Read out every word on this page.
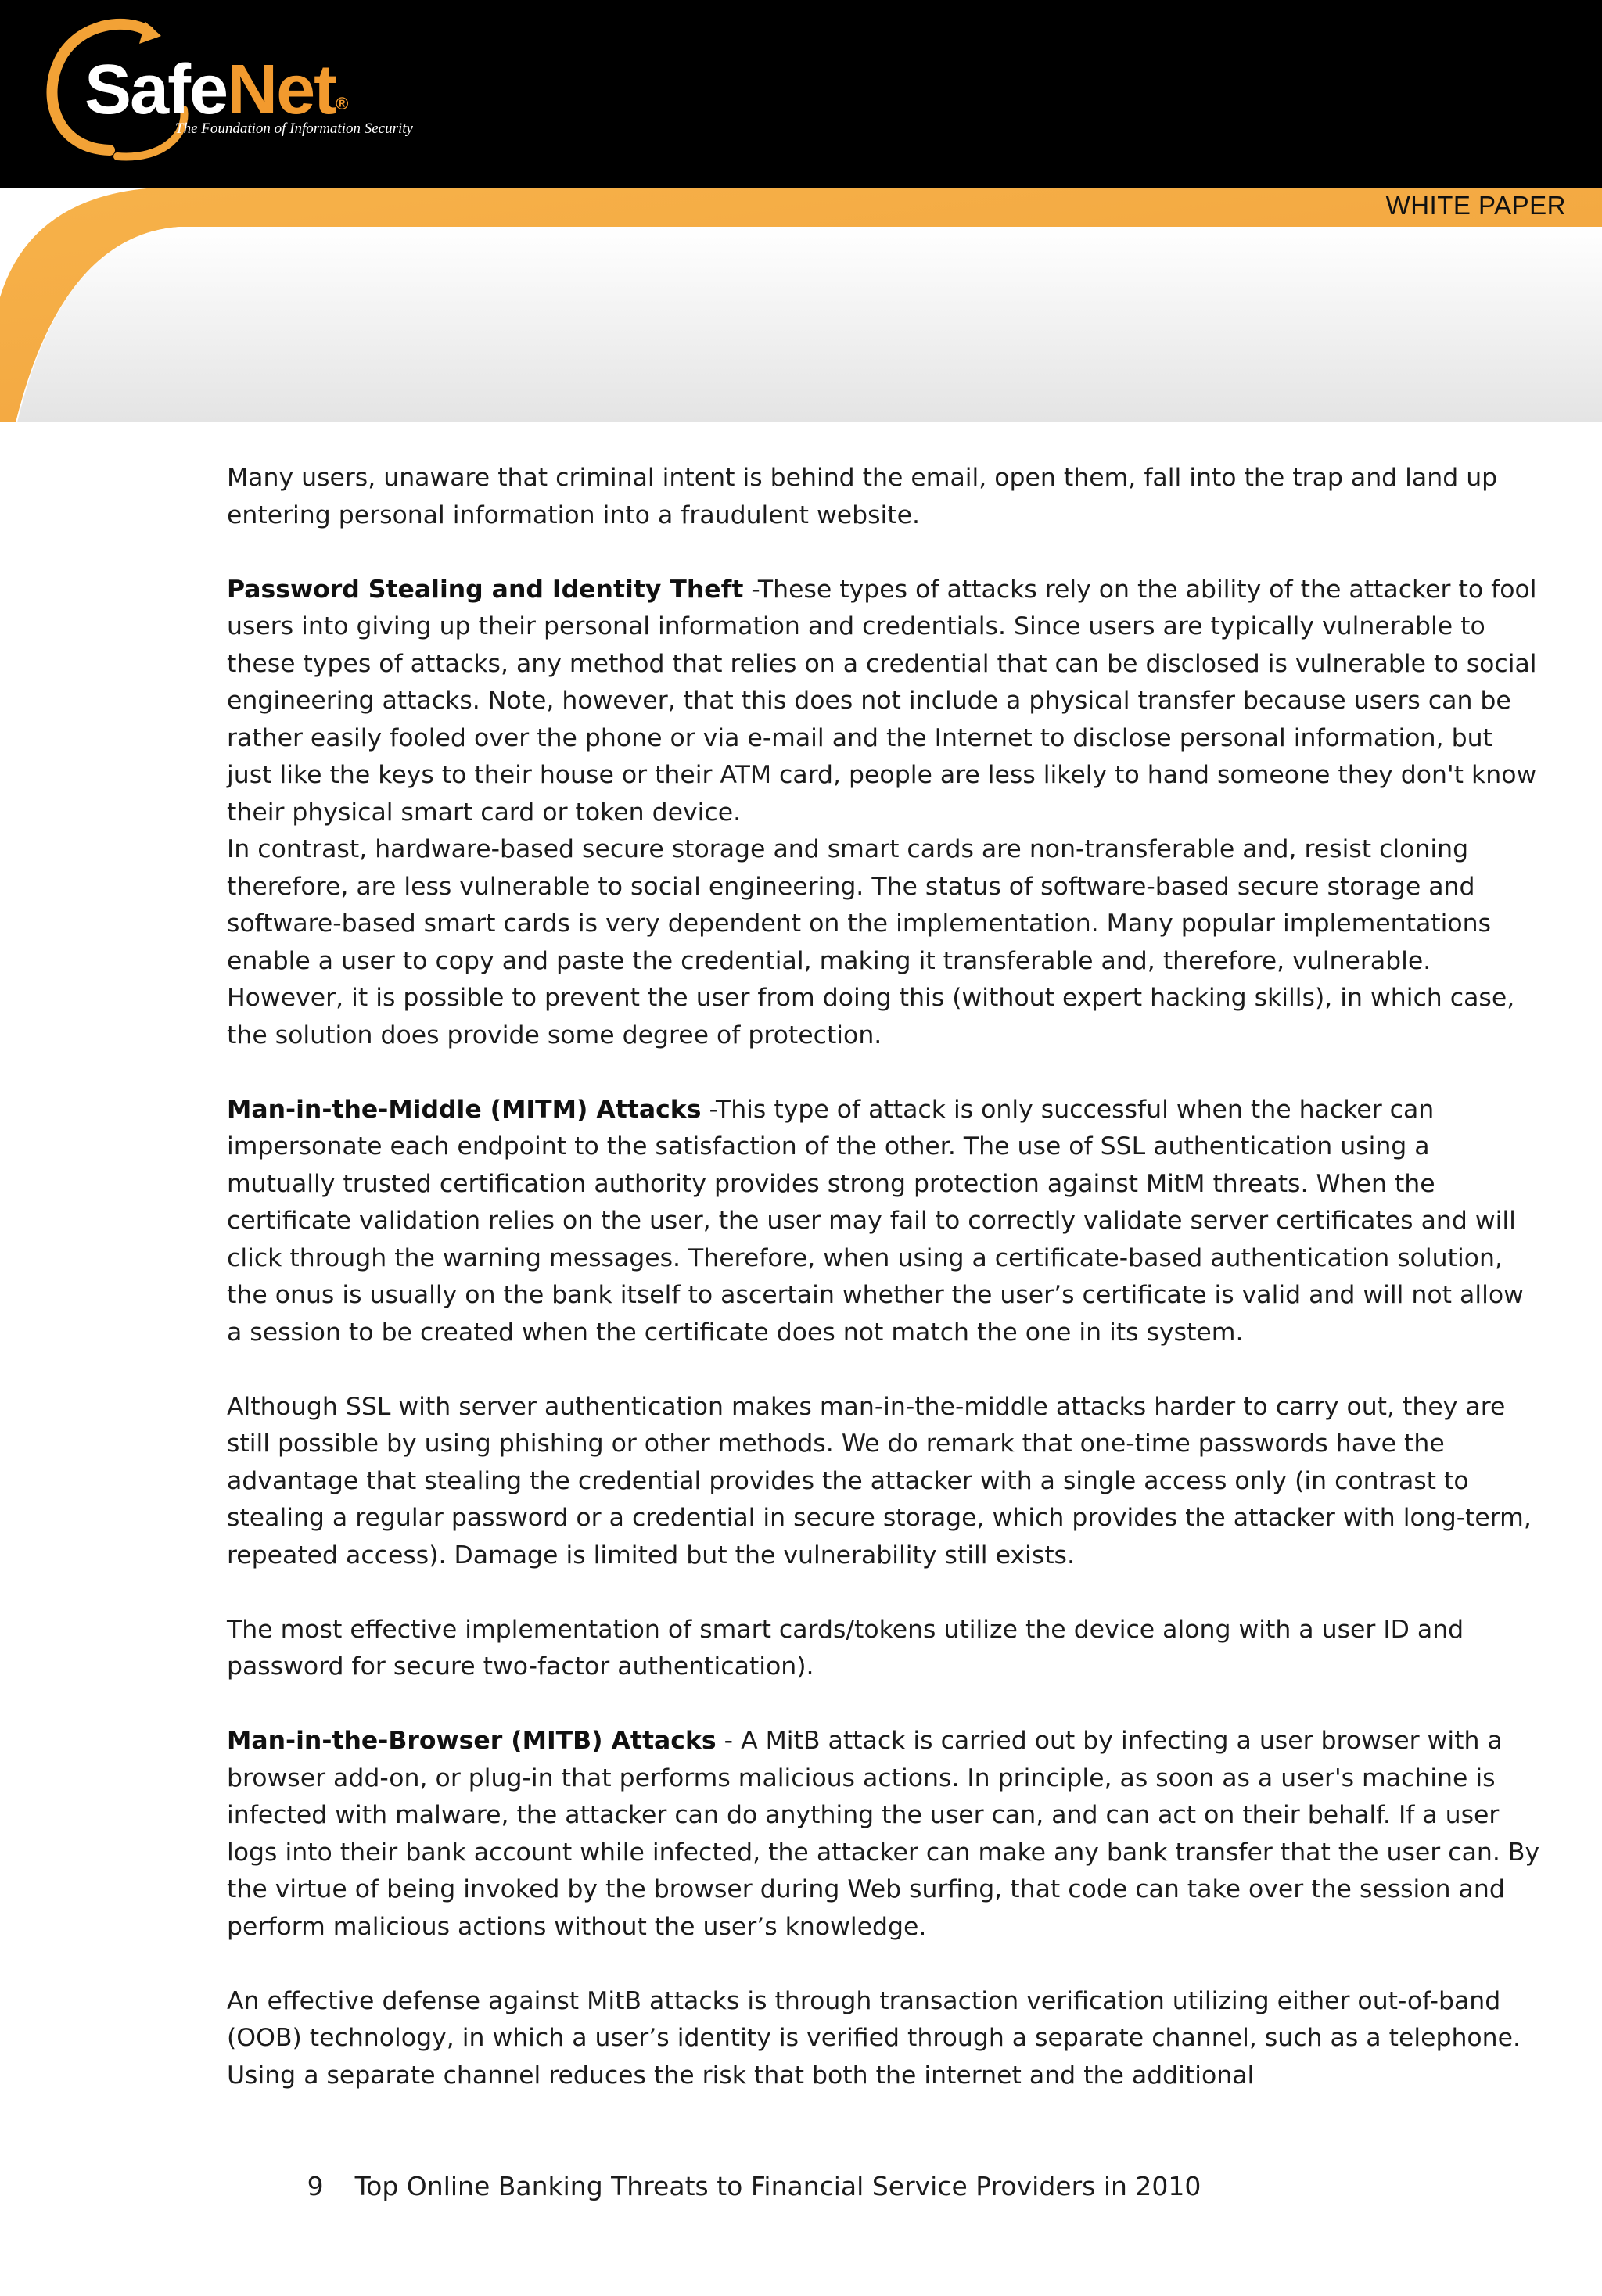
SafeNet®
The Foundation of Information Security
WHITE PAPER

Many users, unaware that criminal intent is behind the email, open them, fall into the trap and land up entering personal information into a fraudulent website.

Password Stealing and Identity Theft -These types of attacks rely on the ability of the attacker to fool users into giving up their personal information and credentials. Since users are typically vulnerable to these types of attacks, any method that relies on a credential that can be disclosed is vulnerable to social engineering attacks. Note, however, that this does not include a physical transfer because users can be rather easily fooled over the phone or via e-mail and the Internet to disclose personal information, but just like the keys to their house or their ATM card, people are less likely to hand someone they don't know their physical smart card or token device.

In contrast, hardware-based secure storage and smart cards are non-transferable and, resist cloning therefore, are less vulnerable to social engineering. The status of software-based secure storage and software-based smart cards is very dependent on the implementation. Many popular implementations enable a user to copy and paste the credential, making it transferable and, therefore, vulnerable. However, it is possible to prevent the user from doing this (without expert hacking skills), in which case, the solution does provide some degree of protection.

Man-in-the-Middle (MITM) Attacks -This type of attack is only successful when the hacker can impersonate each endpoint to the satisfaction of the other. The use of SSL authentication using a mutually trusted certification authority provides strong protection against MitM threats. When the certificate validation relies on the user, the user may fail to correctly validate server certificates and will click through the warning messages. Therefore, when using a certificate-based authentication solution, the onus is usually on the bank itself to ascertain whether the user’s certificate is valid and will not allow a session to be created when the certificate does not match the one in its system.

Although SSL with server authentication makes man-in-the-middle attacks harder to carry out, they are still possible by using phishing or other methods. We do remark that one-time passwords have the advantage that stealing the credential provides the attacker with a single access only (in contrast to stealing a regular password or a credential in secure storage, which provides the attacker with long-term, repeated access). Damage is limited but the vulnerability still exists.

The most effective implementation of smart cards/tokens utilize the device along with a user ID and password for secure two-factor authentication).

Man-in-the-Browser (MITB) Attacks - A MitB attack is carried out by infecting a user browser with a browser add-on, or plug-in that performs malicious actions. In principle, as soon as a user's machine is infected with malware, the attacker can do anything the user can, and can act on their behalf. If a user logs into their bank account while infected, the attacker can make any bank transfer that the user can. By the virtue of being invoked by the browser during Web surfing, that code can take over the session and perform malicious actions without the user’s knowledge.

An effective defense against MitB attacks is through transaction verification utilizing either out-of-band (OOB) technology, in which a user’s identity is verified through a separate channel, such as a telephone. Using a separate channel reduces the risk that both the internet and the additional

9 Top Online Banking Threats to Financial Service Providers in 2010
